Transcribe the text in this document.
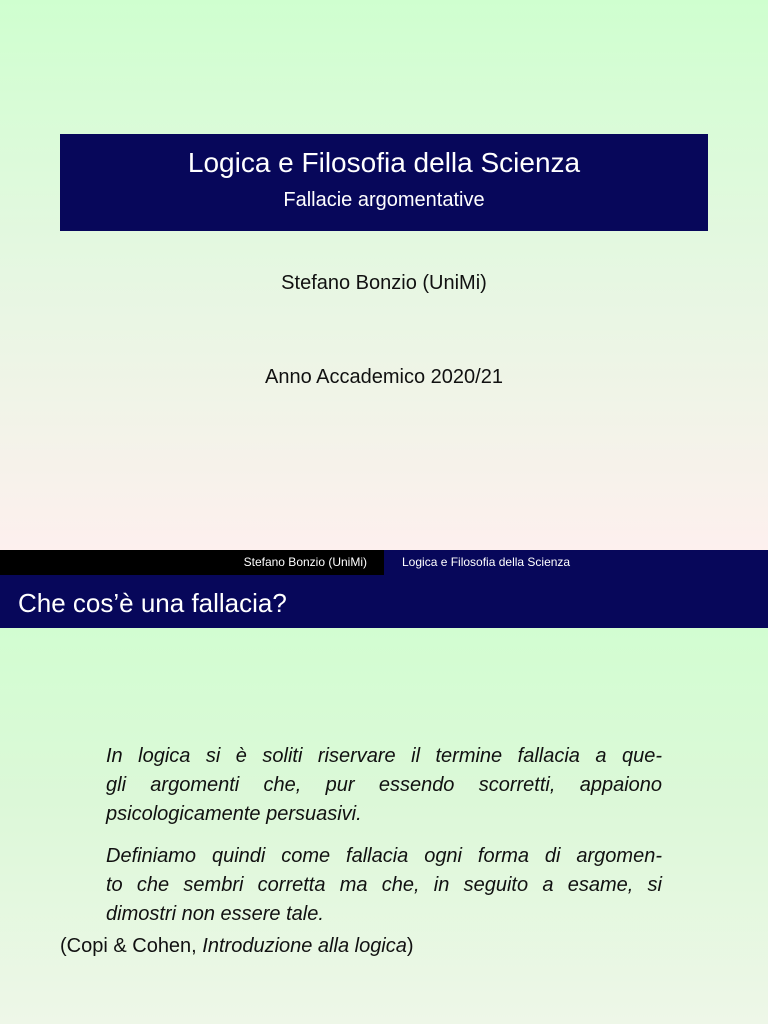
Logica e Filosofia della Scienza
Fallacie argomentative
Stefano Bonzio (UniMi)
Anno Accademico 2020/21
Stefano Bonzio (UniMi)	Logica e Filosofia della Scienza
Che cos’è una fallacia?
In logica si è soliti riservare il termine fallacia a que-
gli argomenti che, pur essendo scorretti, appaiono
psicologicamente persuasivi.
Definiamo quindi come fallacia ogni forma di argomen-
to che sembri corretta ma che, in seguito a esame, si
dimostri non essere tale.
(Copi & Cohen, Introduzione alla logica)
